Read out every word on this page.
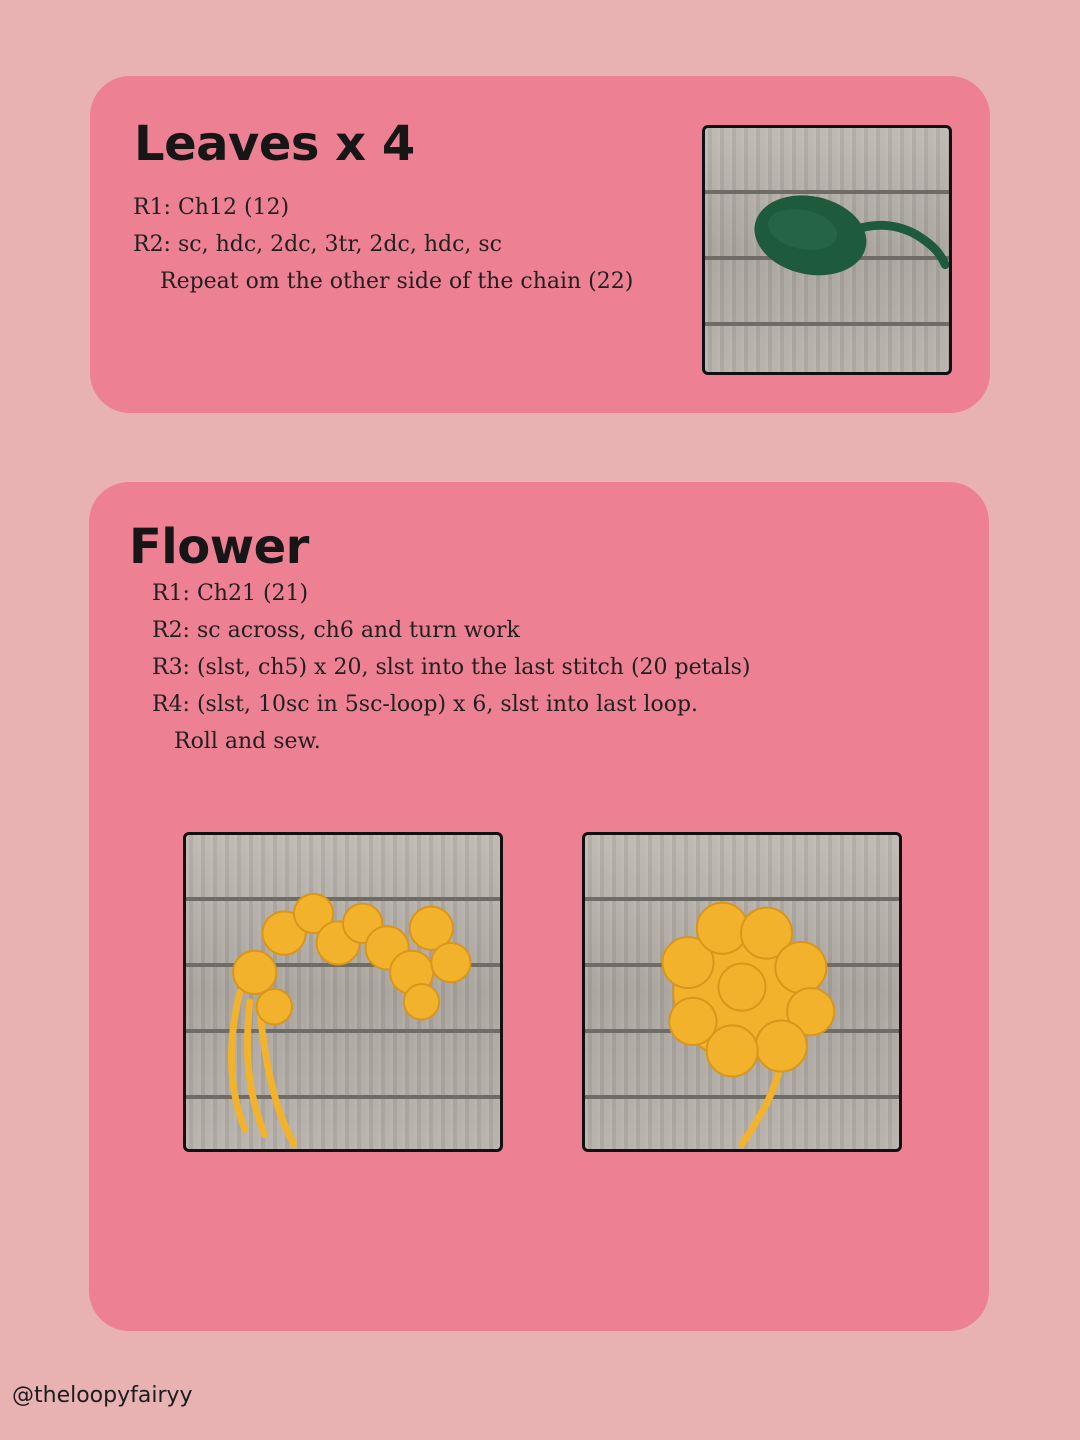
Leaves x 4

R1: Ch12 (12)

R2: sc, hdc, 2dc, 3tr, 2dc, hdc, sc

Repeat om the other side of the chain (22)

Flower

R1: Ch21 (21)

R2: sc across, ch6 and turn work

R3: (slst, ch5) x 20, slst into the last stitch (20 petals)

R4: (slst, 10sc in 5sc-loop) x 6, slst into last loop.

Roll and sew.

@theloopyfairyy
